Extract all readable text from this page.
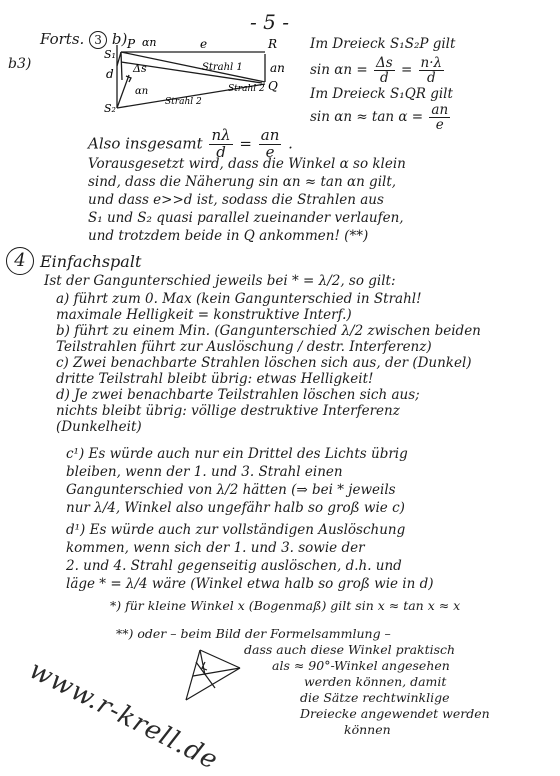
- 5 -
Forts. 3 b)
b3)
P αn	e	R
an
Q
S₁
d Δs
αn
S₂
Strahl 1
Strahl 2
Strahl 2
Im Dreieck S₁S₂P gilt
$\sin \alpha n = \frac{\Delta s}{d} = \frac{n\cdot\lambda}{d}$
Im Dreieck S₁QR gilt
$\sin \alpha n \approx \tan \alpha = \frac{an}{e}$
Also insgesamt $\frac{n\lambda}{d} = \frac{an}{e}$ .
Vorausgesetzt wird, dass die Winkel α so klein
sind, dass die Näherung sin αn ≈ tan αn gilt,
und dass e>>d ist, sodass die Strahlen aus
S₁ und S₂ quasi parallel zueinander verlaufen,
und trotzdem beide in Q ankommen! (**)
4 Einfachspalt
Ist der Gangunterschied jeweils bei * = λ/2, so gilt:
a) führt zum 0. Max (kein Gangunterschied in Strahl!
maximale Helligkeit = konstruktive Interf.)
b) führt zu einem Min. (Gangunterschied λ/2 zwischen beiden
Teilstrahlen führt zur Auslöschung / destr. Interferenz)
c) Zwei benachbarte Strahlen löschen sich aus, der (Dunkel)
dritte Teilstrahl bleibt übrig: etwas Helligkeit!
d) Je zwei benachbarte Teilstrahlen löschen sich aus;
nichts bleibt übrig: völlige destruktive Interferenz
(Dunkelheit)
c¹) Es würde auch nur ein Drittel des Lichts übrig
bleiben, wenn der 1. und 3. Strahl einen
Gangunterschied von λ/2 hätten (⇒ bei * jeweils
nur λ/4, Winkel also ungefähr halb so groß wie c)
d¹) Es würde auch zur vollständigen Auslöschung
kommen, wenn sich der 1. und 3. sowie der
2. und 4. Strahl gegenseitig auslöschen, d.h. und
läge * = λ/4 wäre (Winkel etwa halb so groß wie in d)
*) für kleine Winkel x (Bogenmaß) gilt sin x ≈ tan x ≈ x
**) oder – beim Bild der Formelsammlung –
dass auch diese Winkel praktisch
als ≈ 90°-Winkel angesehen
werden können, damit
die Sätze rechtwinklige
Dreiecke angewendet werden
können
www.r-krell.de
